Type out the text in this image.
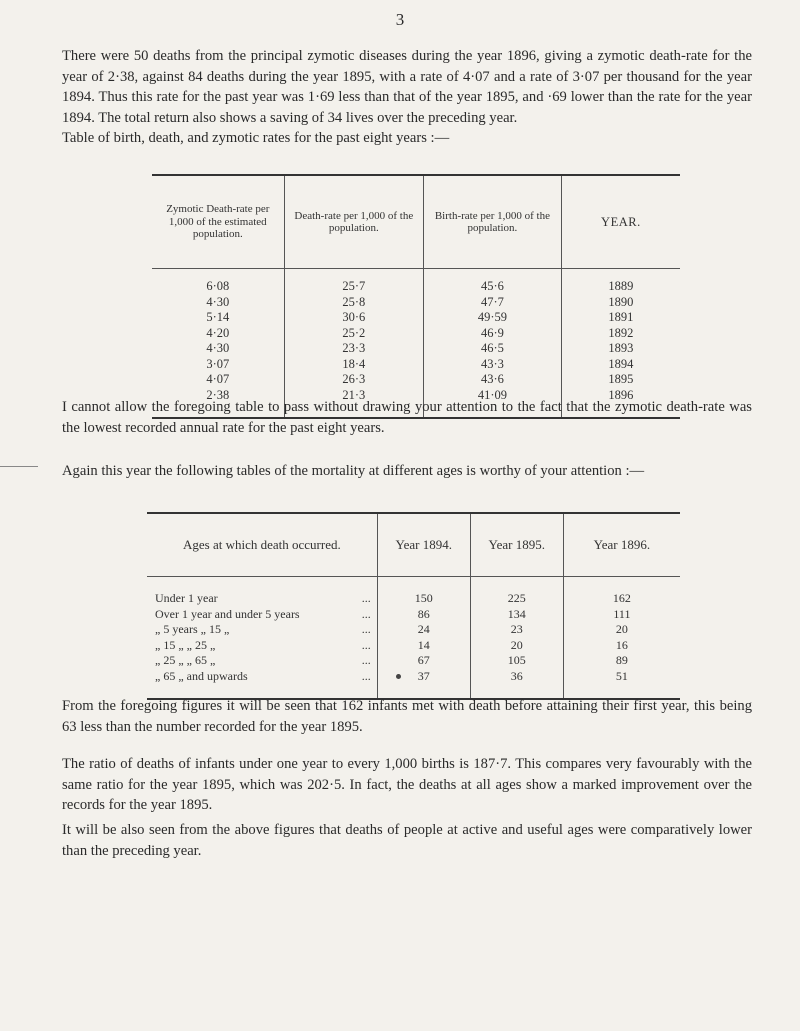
3

There were 50 deaths from the principal zymotic diseases during the year 1896, giving a zymotic death-rate for the year of 2·38, against 84 deaths during the year 1895, with a rate of 4·07 and a rate of 3·07 per thousand for the year 1894. Thus this rate for the past year was 1·69 less than that of the year 1895, and ·69 lower than the rate for the year 1894. The total return also shows a saving of 34 lives over the preceding year.

Table of birth, death, and zymotic rates for the past eight years :—

Zymotic Death-rate per 1,000 of the estimated population.	Death-rate per 1,000 of the population.	Birth-rate per 1,000 of the population.	YEAR.
6·08	25·7	45·6	1889
4·30	25·8	47·7	1890
5·14	30·6	49·59	1891
4·20	25·2	46·9	1892
4·30	23·3	46·5	1893
3·07	18·4	43·3	1894
4·07	26·3	43·6	1895
2·38	21·3	41·09	1896

I cannot allow the foregoing table to pass without drawing your attention to the fact that the zymotic death-rate was the lowest recorded annual rate for the past eight years.

Again this year the following tables of the mortality at different ages is worthy of your attention :—

Ages at which death occurred.	Year 1894.	Year 1895.	Year 1896.
Under 1 year ...	150	225	162
Over 1 year and under 5 years ...	86	134	111
„ 5 years „ 15 „ ...	24	23	20
„ 15 „ „ 25 „ ...	14	20	16
„ 25 „ „ 65 „ ...	67	105	89
„ 65 „ and upwards ...	37	36	51

From the foregoing figures it will be seen that 162 infants met with death before attaining their first year, this being 63 less than the number recorded for the year 1895.

The ratio of deaths of infants under one year to every 1,000 births is 187·7. This compares very favourably with the same ratio for the year 1895, which was 202·5. In fact, the deaths at all ages show a marked improvement over the records for the year 1895.

It will be also seen from the above figures that deaths of people at active and useful ages were comparatively lower than the preceding year.
